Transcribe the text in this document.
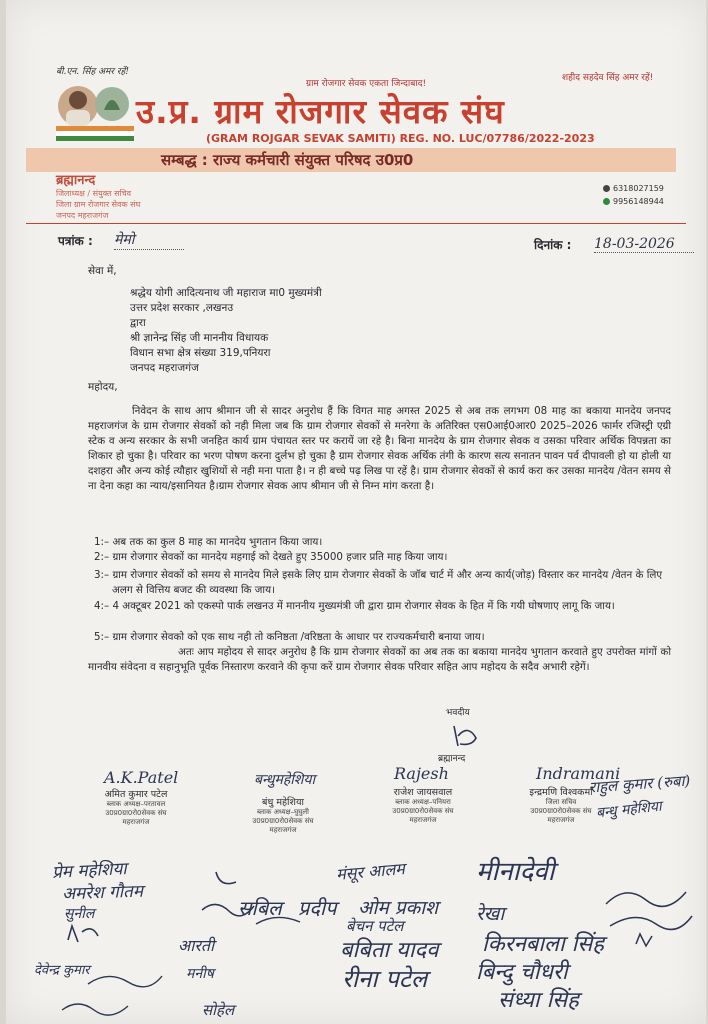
बी.एन. सिंह अमर रहें!
ग्राम रोजगार सेवक एकता जिन्दाबाद!
शहीद सहदेव सिंह अमर रहें!
उ.प्र. ग्राम रोजगार सेवक संघ
(GRAM ROJGAR SEVAK SAMITI) REG. NO. LUC/07786/2022-2023
सम्बद्ध : राज्य कर्मचारी संयुक्त परिषद उ0प्र0
ब्रह्मानन्द
जिलाध्यक्ष / संयुक्त सचिव
जिला ग्राम रोजगार सेवक संघ
जनपद महराजगंज
6318027159
9956148944
पत्रांक : मेमो	दिनांक : 18-03-2026
सेवा में,
श्रद्धेय योगी आदित्यनाथ जी महाराज मा0 मुख्यमंत्री
उत्तर प्रदेश सरकार ,लखनउ
द्वारा
श्री ज्ञानेन्द्र सिंह जी माननीय विधायक
विधान सभा क्षेत्र संख्या 319,पनियरा
जनपद महराजगंज
महोदय,
निवेदन के साथ आप श्रीमान जी से सादर अनुरोध हैं कि विगत माह अगस्त 2025 से अब तक लगभग 08 माह का बकाया मानदेय जनपद महराजगंज के ग्राम रोजगार सेवकों को नही मिला जब कि ग्राम रोजगार सेवकों से मनरेगा के अतिरिक्त एस0आई0आर0 2025–2026 फार्मर रजिस्ट्री एग्री स्टेक व अन्य सरकार के सभी जनहित कार्य ग्राम पंचायत स्तर पर करायें जा रहे है। बिना मानदेय के ग्राम रोजगार सेवक व उसका परिवार अर्थिक विपन्नता का शिकार हो चुका है। परिवार का भरण पोषण करना दुर्लभ हो चुका है ग्राम रोजगार सेवक अर्थिक तंगी के कारण सत्य सनातन पावन पर्व दीपावली हो या होली या दशहरा और अन्य कोई त्यौहार खुशियों से नही मना पाता है। न ही बच्चे पढ़ लिख पा रहें है। ग्राम रोजगार सेवकों से कार्य करा कर उसका मानदेय /वेतन समय से ना देना कहा का न्याय/इसानियत है।ग्राम रोजगार सेवक आप श्रीमान जी से निम्न मांग करता है।
1:– अब तक का कुल 8 माह का मानदेय भुगतान किया जाय।
2:– ग्राम रोजगार सेवकों का मानदेय महगाई को देखते हुए 35000 हजार प्रति माह किया जाय।
3:– ग्राम रोजगार सेवकों को समय से मानदेय मिले इसके लिए ग्राम रोजगार सेवकों के जॉब चार्ट में और अन्य कार्य(जोड़) विस्तार कर मानदेय /वेतन के लिए अलग से वित्तिय बजट की व्यवस्था कि जाय।
4:– 4 अक्टूबर 2021 को एकस्पो पार्क लखनउ में माननीय मुख्यमंत्री जी द्वारा ग्राम रोजगार सेवक के हित में कि गयी घोषणाए लागू कि जाय।
5:– ग्राम रोजगार सेवको को एक साथ नही तो कनिष्ठता /वरिष्ठता के आधार पर राज्यकर्मचारी बनाया जाय।
अतः आप महोदय से सादर अनुरोध है कि ग्राम रोजगार सेवकों का अब तक का बकाया मानदेय भुगतान करवाते हुए उपरोक्त मांगों को मानवीय संवेदना व सहानुभूति पूर्वक निस्तारण करवाने की कृपा करें ग्राम रोजगार सेवक परिवार सहित आप महोदय के सदैव अभारी रहेगें।
भवदीय
ब्रह्मानन्द
A.K.Patel
अमित कुमार पटेल
ब्लाक अध्यक्ष–परतावल
उ0प्र0ग्रा0रो0सेवक संघ
महराजगंज
बन्धुमहेशिया
बंधु महेशिया
ब्लाक अध्यक्ष–घुघुली
उ0प्र0ग्रा0रो0सेवक संघ
महराजगंज
Rajesh
राजेश जायसवाल
ब्लाक अध्यक्ष–पनियरा
उ0प्र0ग्रा0रो0सेवक संघ
महराजगंज
Indramani
इन्द्रमणि विश्वकर्मा
जिला सचिव
उ0प्र0ग्रा0रो0सेवक संघ
महराजगंज
राहुल कुमार (रुबा)
बन्धु महेशिया
प्रेम महेशिया
अमरेश गौतम
सुनील
मंसूर आलम	मीनादेवी
सबिल प्रदीप ओम प्रकाश रेखा
बेचन पटेल
किरनबाला सिंह
बबिता यादव
बिन्दु चौधरी
आरती
रीना पटेल
संध्या सिंह
देवेन्द्र कुमार
सोहेल
मनीष
